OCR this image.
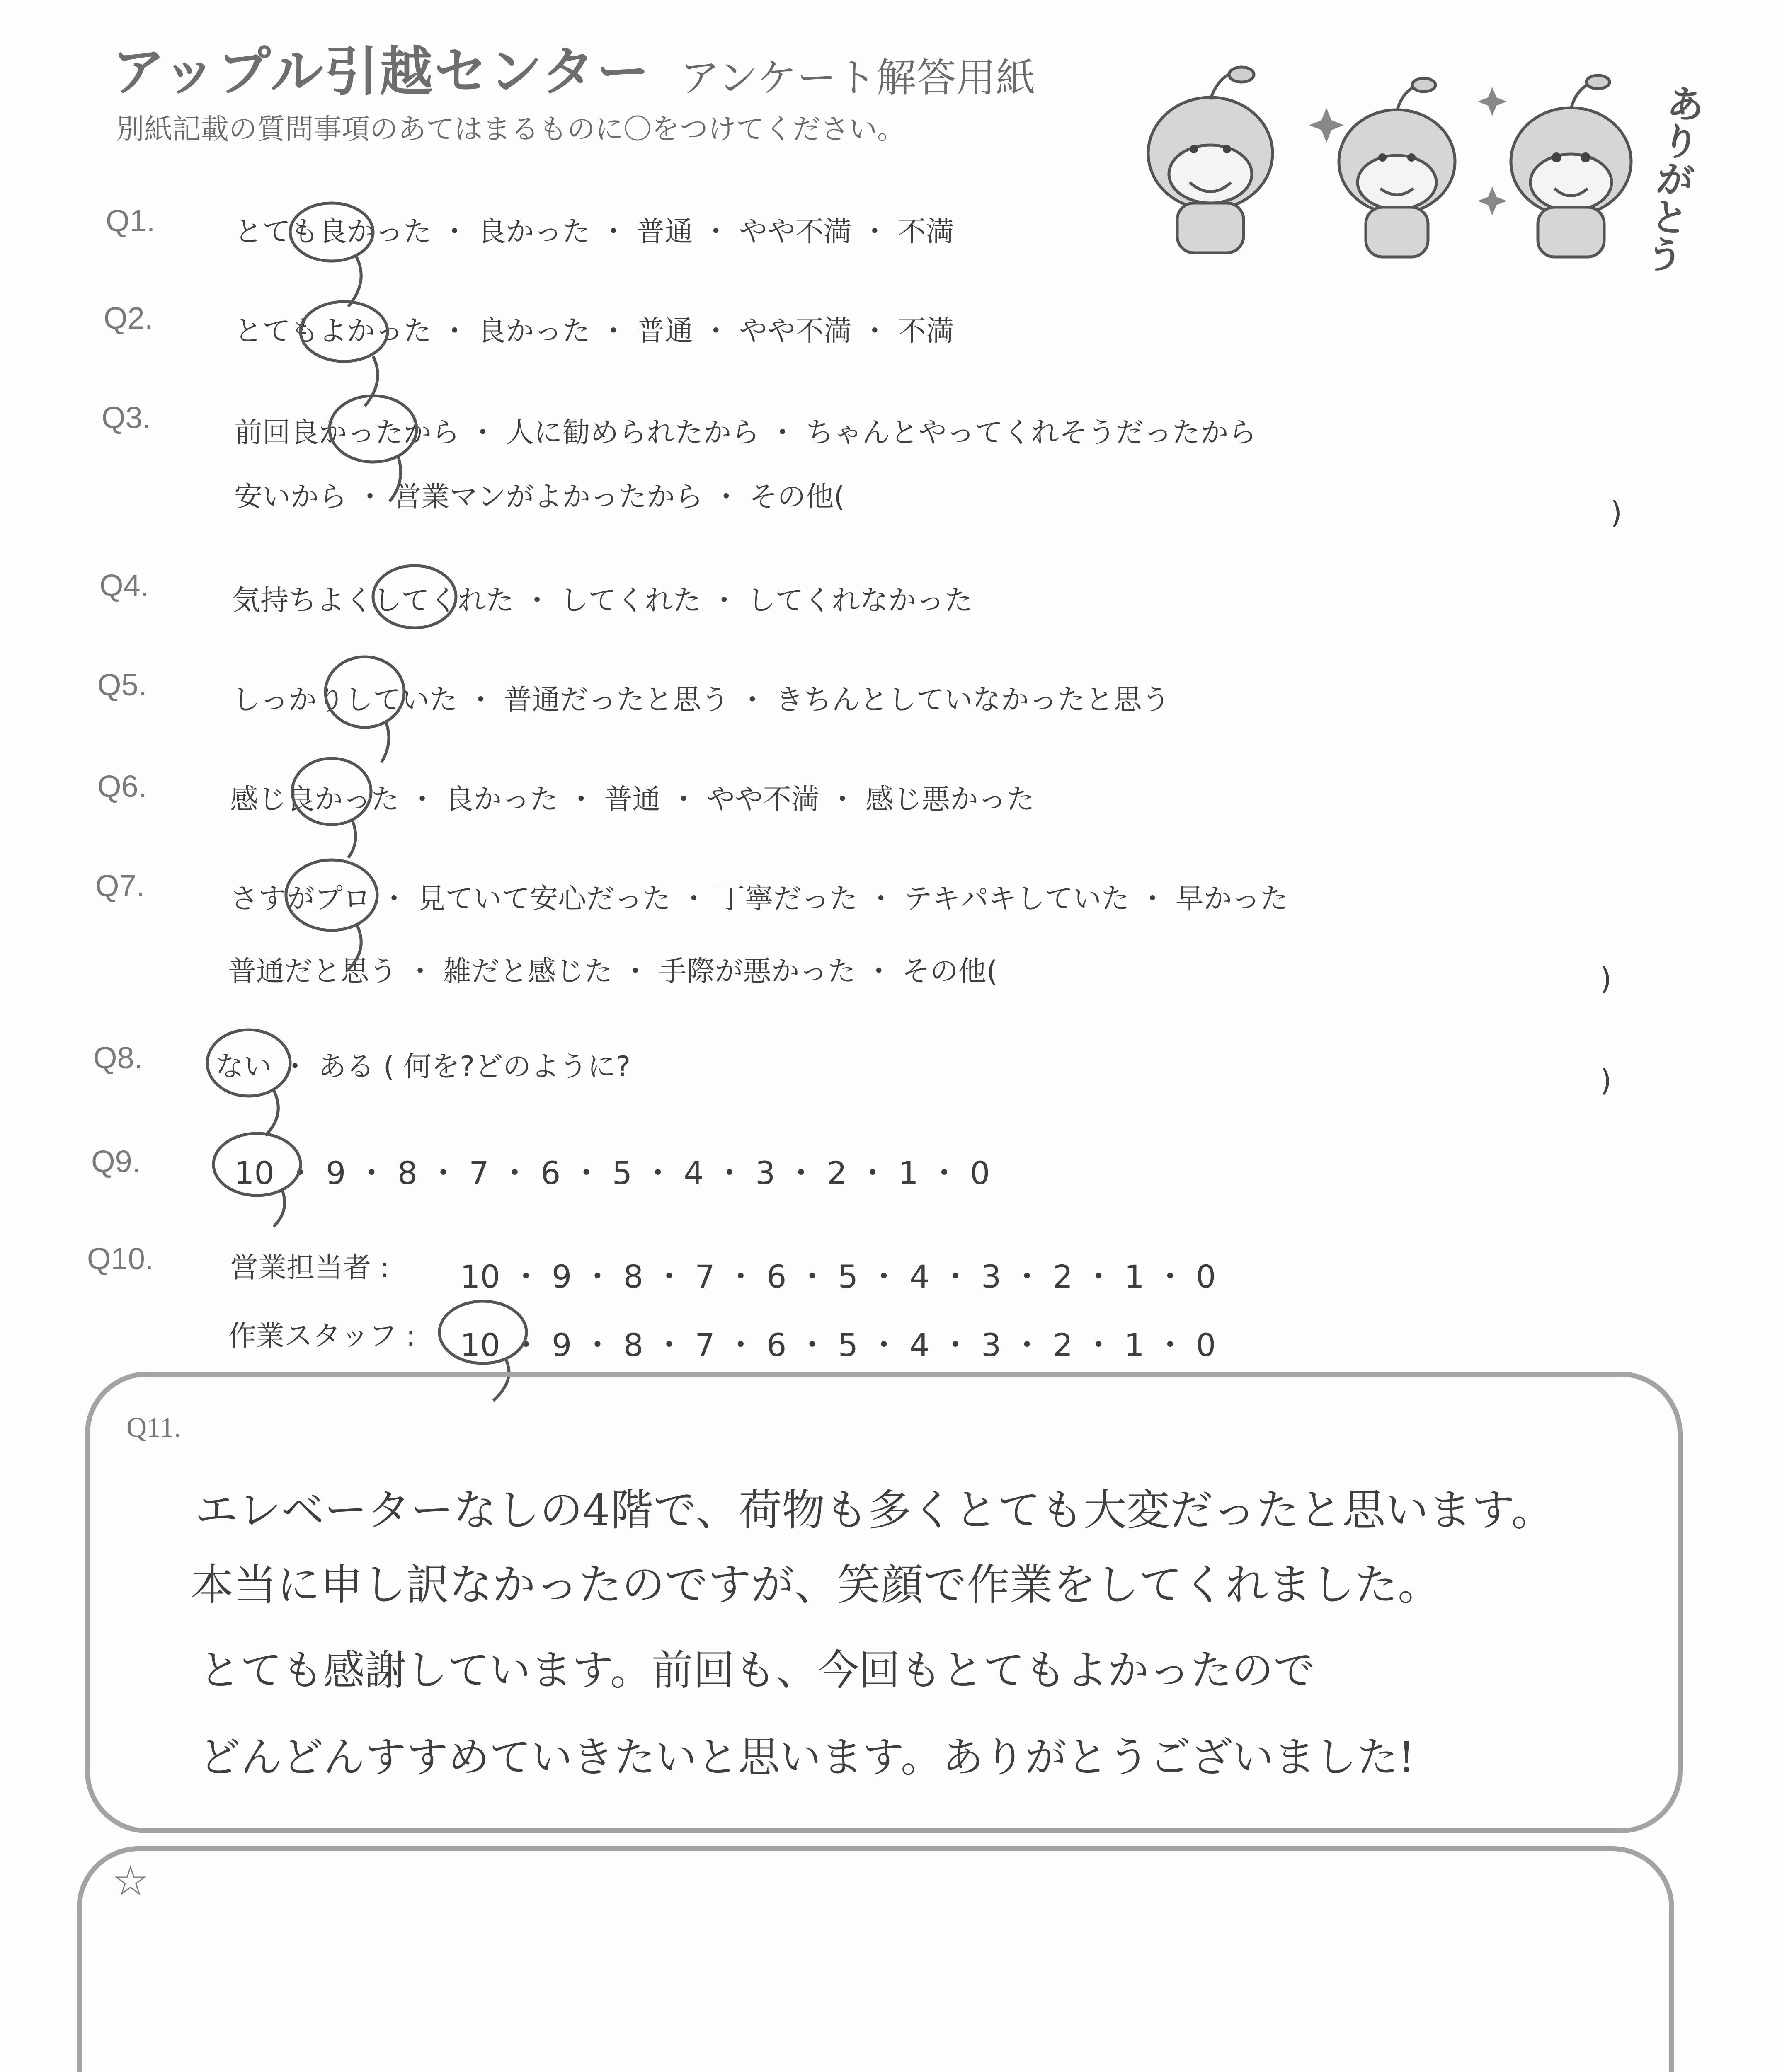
アップル引越センター アンケート解答用紙
別紙記載の質問事項のあてはまるものに〇をつけてください。	ありがとう
Q1.	とても良かった ・ 良かった ・ 普通 ・ やや不満 ・ 不満
Q2.	とてもよかった ・ 良かった ・ 普通 ・ やや不満 ・ 不満
Q3.	前回良かったから ・ 人に勧められたから ・ ちゃんとやってくれそうだったから
安いから ・ 営業マンがよかったから ・ その他(	)
Q4.	気持ちよくしてくれた ・ してくれた ・ してくれなかった
Q5.	しっかりしていた ・ 普通だったと思う ・ きちんとしていなかったと思う
Q6.	感じ良かった ・ 良かった ・ 普通 ・ やや不満 ・ 感じ悪かった
Q7.	さすがプロ ・ 見ていて安心だった ・ 丁寧だった ・ テキパキしていた ・ 早かった
普通だと思う ・ 雑だと感じた ・ 手際が悪かった ・ その他(	)
Q8.	ない ・ ある ( 何を?どのように?	)
Q9.	10 ・ 9 ・ 8 ・ 7 ・ 6 ・ 5 ・ 4 ・ 3 ・ 2 ・ 1 ・ 0
Q10.	営業担当者 : 10 ・ 9 ・ 8 ・ 7 ・ 6 ・ 5 ・ 4 ・ 3 ・ 2 ・ 1 ・ 0
作業スタッフ : 10 ・ 9 ・ 8 ・ 7 ・ 6 ・ 5 ・ 4 ・ 3 ・ 2 ・ 1 ・ 0
Q11.
エレベーターなしの4階で、荷物も多くとても大変だったと思います。
本当に申し訳なかったのですが、笑顔で作業をしてくれました。
とても感謝しています。前回も、今回もとてもよかったので
どんどんすすめていきたいと思います。ありがとうございました!
☆
